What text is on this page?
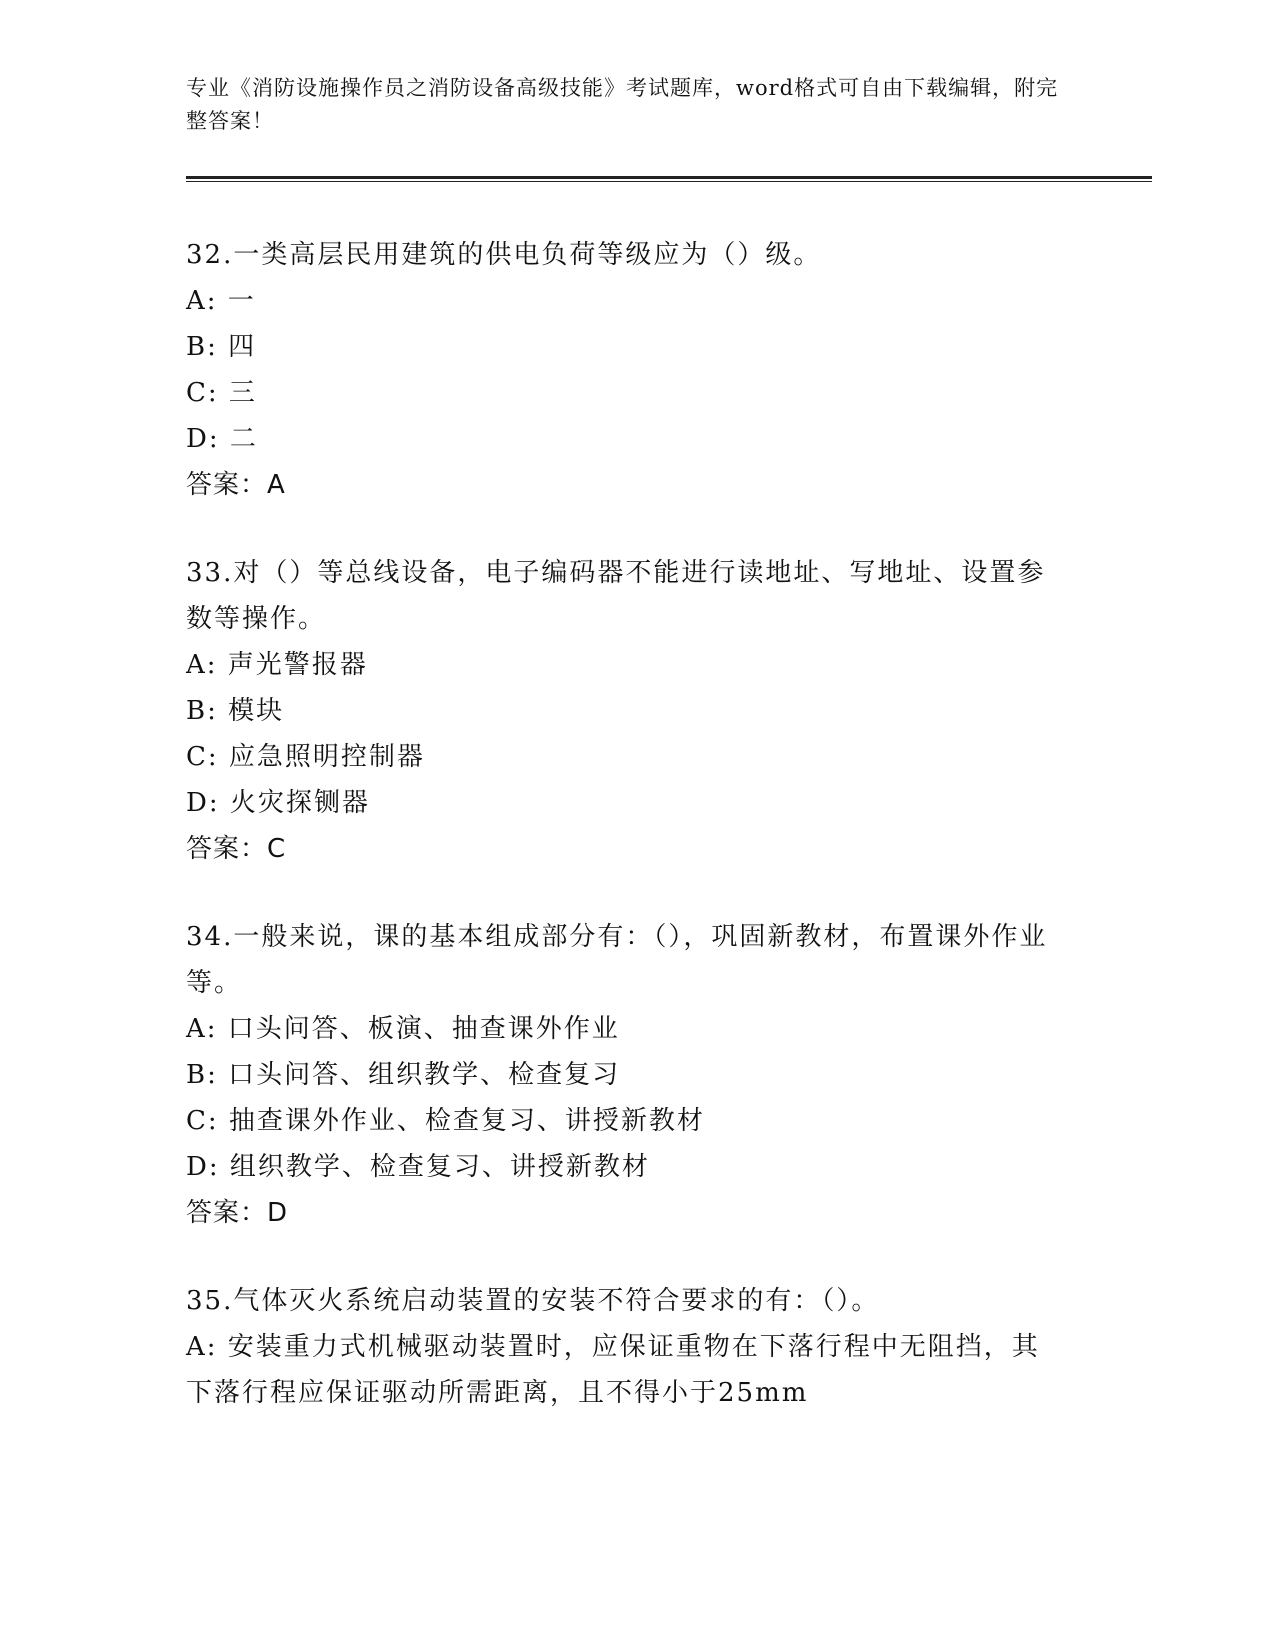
专业《消防设施操作员之消防设备高级技能》考试题库，word格式可自由下载编辑，附完整答案！
32.一类高层民用建筑的供电负荷等级应为（）级。
A: 一
B: 四
C: 三
D: 二
答案：A
33.对（）等总线设备，电子编码器不能进行读地址、写地址、设置参数等操作。
A: 声光警报器
B: 模块
C: 应急照明控制器
D: 火灾探铡器
答案：C
34.一般来说，课的基本组成部分有：（），巩固新教材，布置课外作业等。
A: 口头问答、板演、抽查课外作业
B: 口头问答、组织教学、检查复习
C: 抽查课外作业、检查复习、讲授新教材
D: 组织教学、检查复习、讲授新教材
答案：D
35.气体灭火系统启动装置的安装不符合要求的有：（）。
A: 安装重力式机械驱动装置时，应保证重物在下落行程中无阻挡，其下落行程应保证驱动所需距离，且不得小于25mm
